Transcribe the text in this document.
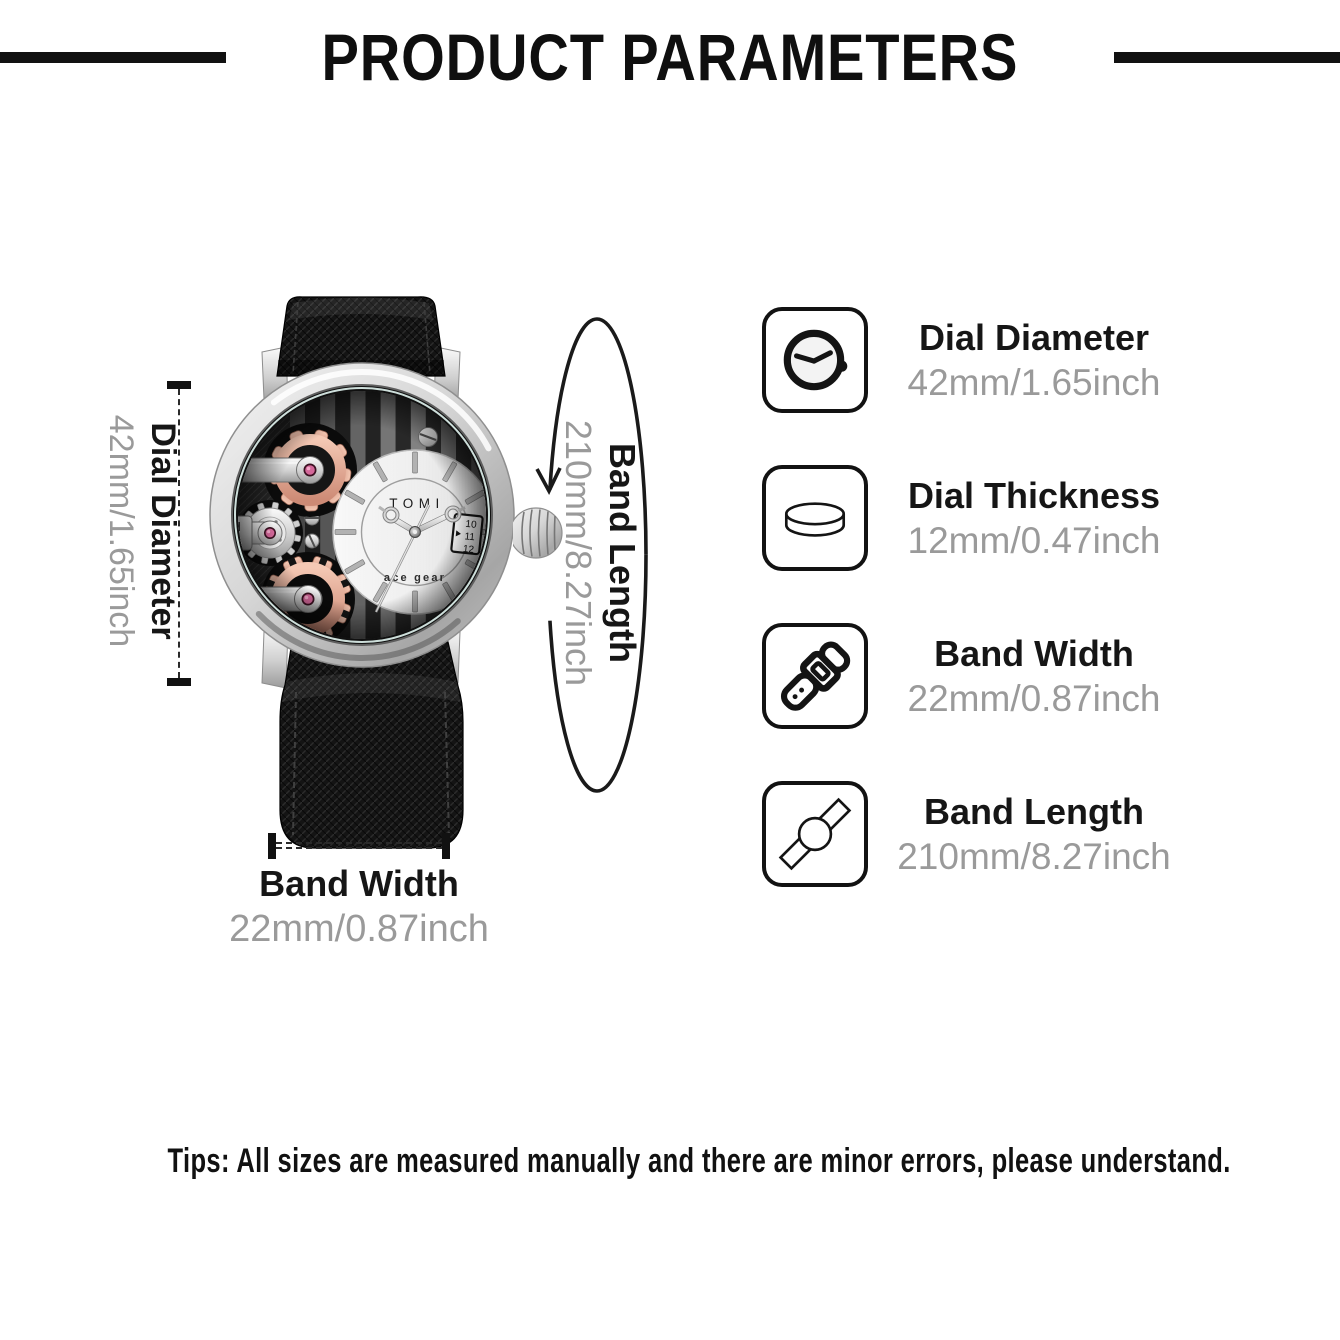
PRODUCT PARAMETERS
Dial Diameter
42mm/1.65inch	Band Length
210mm/8.27inch
Band Width
22mm/0.87inch
Dial Diameter
42mm/1.65inch
Dial Thickness
12mm/0.47inch
Band Width
22mm/0.87inch
Band Length
210mm/8.27inch
Tips: All sizes are measured manually and there are minor errors, please understand.
